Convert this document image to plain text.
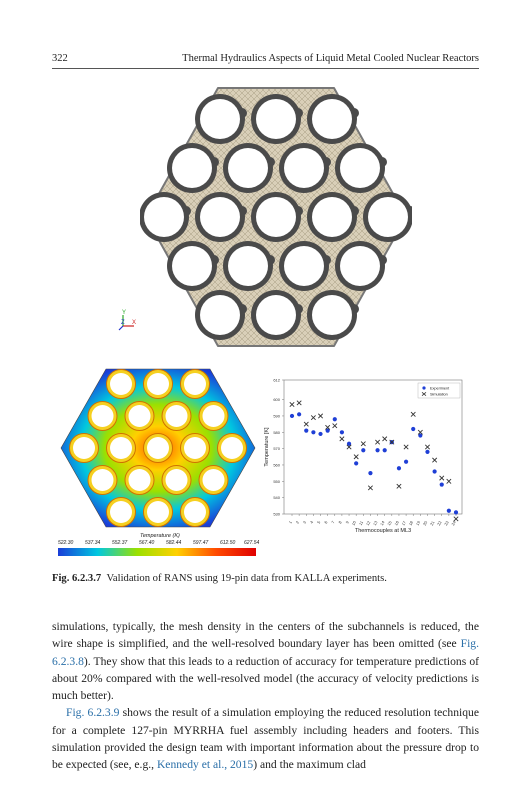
322	Thermal Hydraulics Aspects of Liquid Metal Cooled Nuclear Reactors
Y
Z X
Temperature (K)
522.30 537.34 552.37 567.40 582.44 597.47 612.50 627.54
530
540
550
560
570
580
590
600
612
1 2 3 4 5 6 7 8 9 10 11 12 13 14 15 16 17 18 19 20 21 22 23 24
Temperature [K]
Thermocouples at ML3
Experiment
Simulation
Fig. 6.2.3.7 Validation of RANS using 19-pin data from KALLA experiments.

simulations, typically, the mesh density in the centers of the subchannels is reduced, the wire shape is simplified, and the well-resolved boundary layer has been omitted (see Fig. 6.2.3.8). They show that this leads to a reduction of accuracy for temperature predictions of about 20% compared with the well-resolved model (the accuracy of velocity predictions is much better).

Fig. 6.2.3.9 shows the result of a simulation employing the reduced resolution technique for a complete 127-pin MYRRHA fuel assembly including headers and footers. This simulation provided the design team with important information about the pressure drop to be expected (see, e.g., Kennedy et al., 2015) and the maximum clad
